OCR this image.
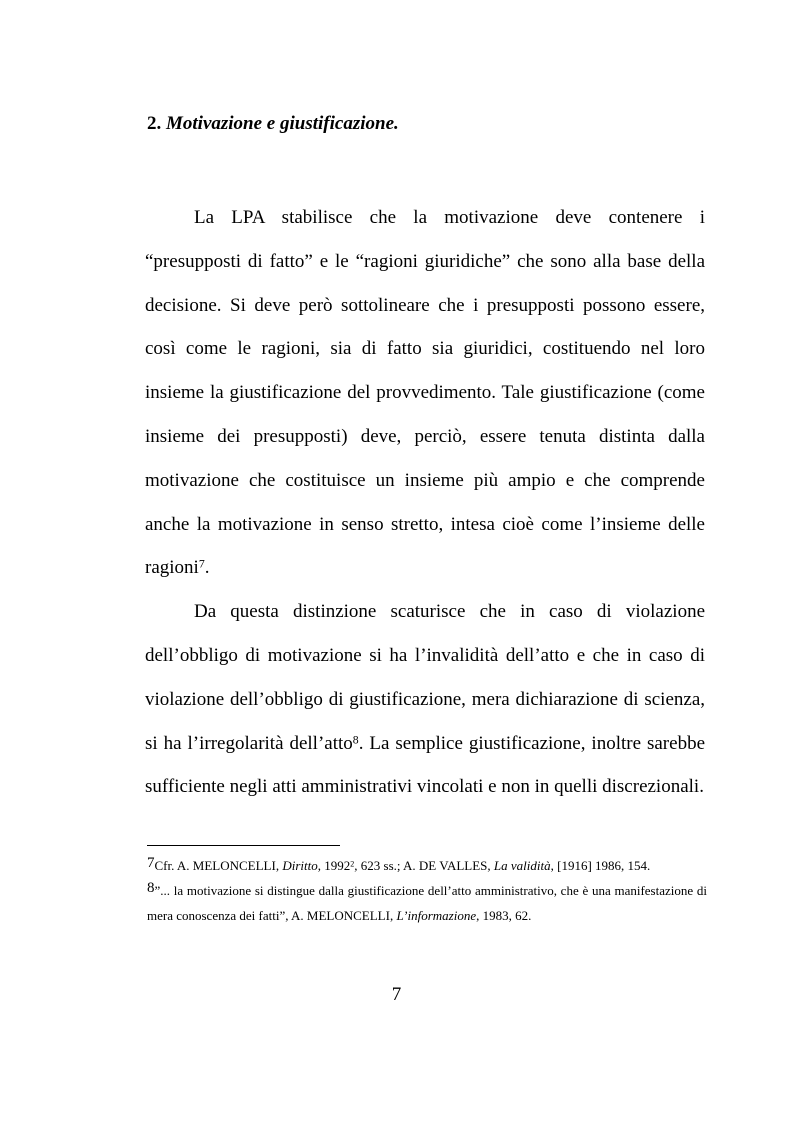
2. Motivazione e giustificazione.

La LPA stabilisce che la motivazione deve contenere i “presupposti di fatto” e le “ragioni giuridiche” che sono alla base della decisione. Si deve però sottolineare che i presupposti possono essere, così come le ragioni, sia di fatto sia giuridici, costituendo nel loro insieme la giustificazione del provvedimento. Tale giustificazione (come insieme dei presupposti) deve, perciò, essere tenuta distinta dalla motivazione che costituisce un insieme più ampio e che comprende anche la motivazione in senso stretto, intesa cioè come l’insieme delle ragioni$^7$.

Da questa distinzione scaturisce che in caso di violazione dell’obbligo di motivazione si ha l’invalidità dell’atto e che in caso di violazione dell’obbligo di giustificazione, mera dichiarazione di scienza, si ha l’irregolarità dell’atto$^8$. La semplice giustificazione, inoltre sarebbe sufficiente negli atti amministrativi vincolati e non in quelli discrezionali.

7Cfr. A. MELONCELLI, Diritto, 1992$^2$, 623 ss.; A. DE VALLES, La validità, [1916] 1986, 154.

8”... la motivazione si distingue dalla giustificazione dell’atto amministrativo, che è una manifestazione di mera conoscenza dei fatti”, A. MELONCELLI, L’informazione, 1983, 62.

7
